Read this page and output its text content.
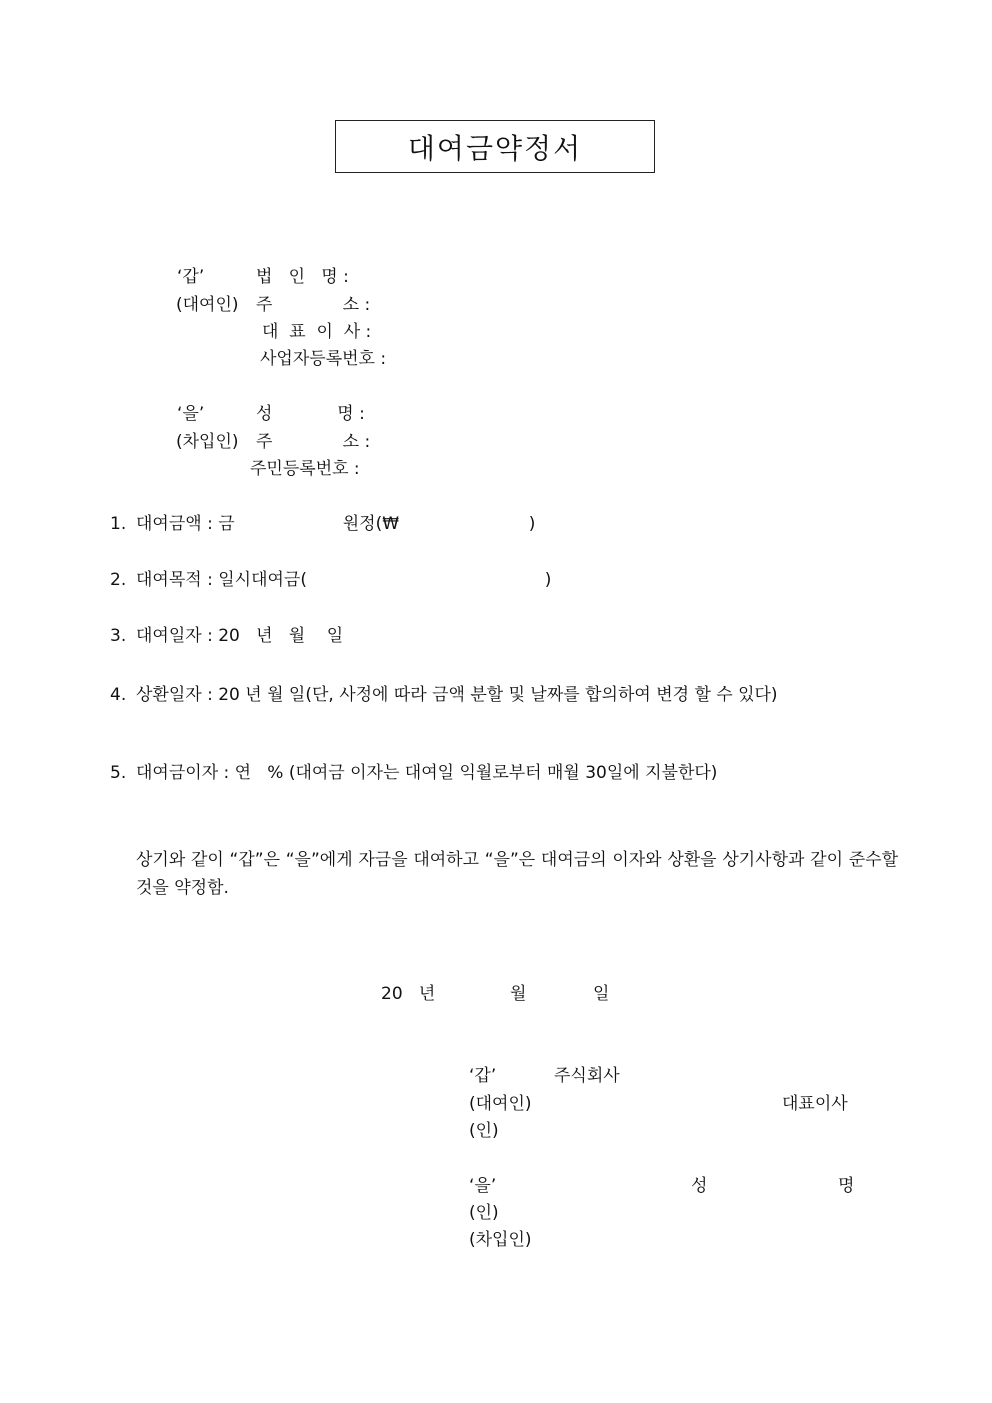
대여금약정서
‘갑’	법   인   명 :
(대여인) 주             소 :
대  표  이  사 :
사업자등록번호 :
‘을’	성            명 :
(차입인) 주             소 :
주민등록번호 :
1. 대여금액 : 금                    원정(₩                        )
2. 대여목적 : 일시대여금(                                            )
3. 대여일자 : 20   년   월    일
4. 상환일자 : 20 년 월 일(단, 사정에 따라 금액 분할 및 날짜를 합의하여 변경 할 수 있다)
5. 대여금이자 : 연   % (대여금 이자는 대여일 익월로부터 매월 30일에 지불한다)
상기와 같이 “갑”은 “을”에게 자금을 대여하고 “을”은 대여금의 이자와 상환을 상기사항과 같이 준수할 것을 약정함.
20   년	월	일
‘갑’	주식회사
(대여인)	대표이사
(인)
‘을’	성	명
(인)
(차입인)
